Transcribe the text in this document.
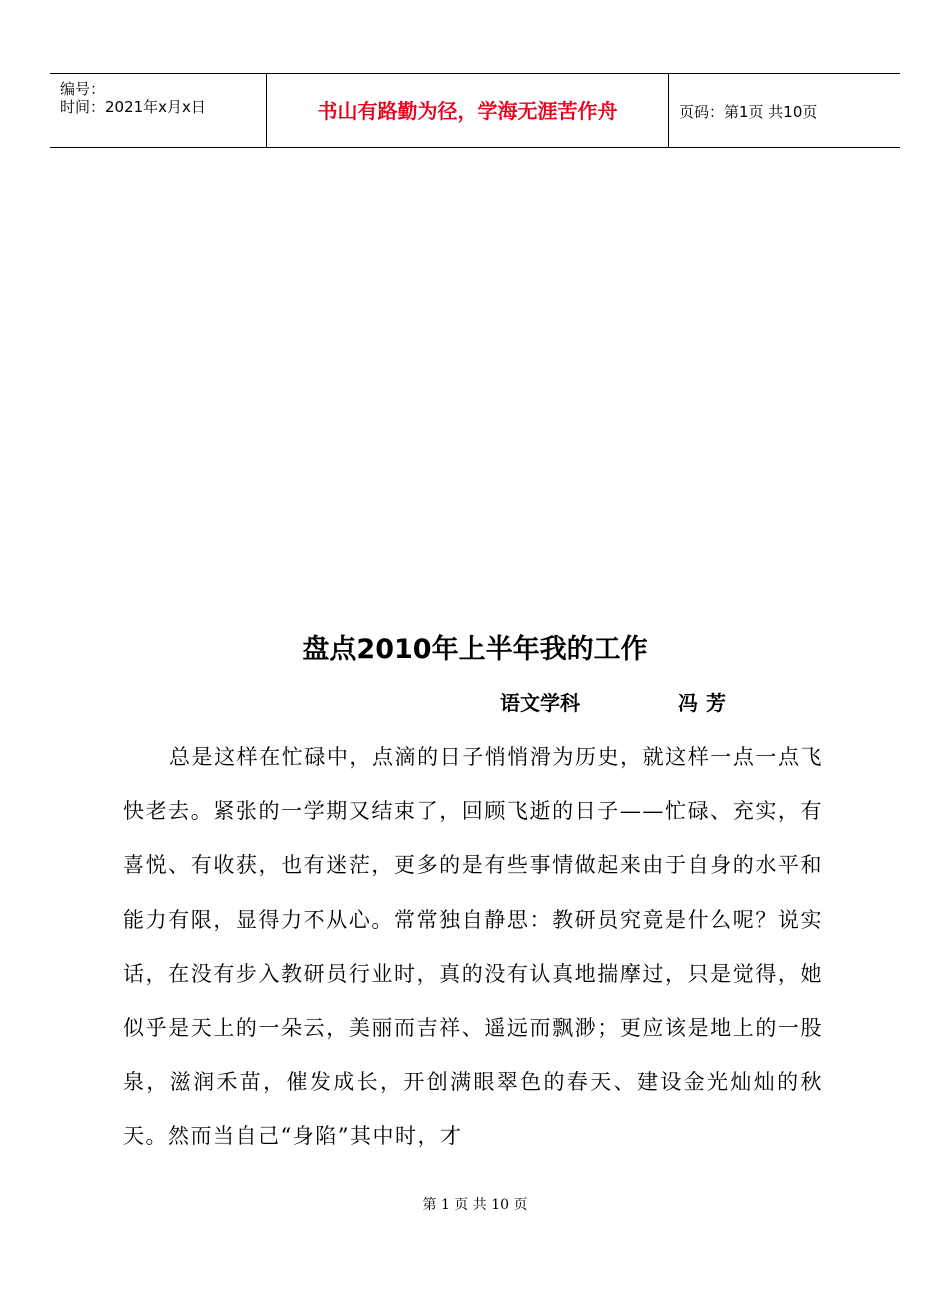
编号：
时间：2021年x月x日	书山有路勤为径，学海无涯苦作舟	页码：第1页 共10页
盘点2010年上半年我的工作
语文学科	冯芳

总是这样在忙碌中，点滴的日子悄悄滑为历史，就这样一点一点飞快老去。紧张的一学期又结束了，回顾飞逝的日子——忙碌、充实，有喜悦、有收获，也有迷茫，更多的是有些事情做起来由于自身的水平和能力有限，显得力不从心。常常独自静思：教研员究竟是什么呢？说实话，在没有步入教研员行业时，真的没有认真地揣摩过，只是觉得，她似乎是天上的一朵云，美丽而吉祥、遥远而飘渺；更应该是地上的一股泉，滋润禾苗，催发成长，开创满眼翠色的春天、建设金光灿灿的秋天。然而当自己“身陷”其中时，才

第 1 页 共 10 页
